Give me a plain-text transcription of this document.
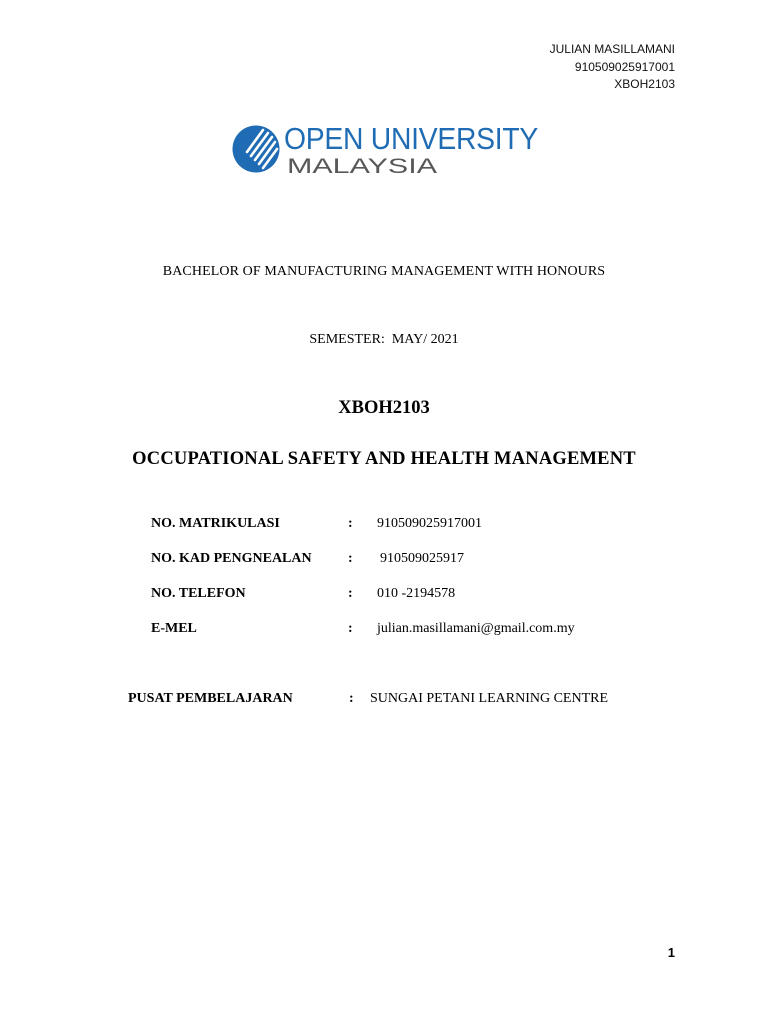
JULIAN MASILLAMANI
910509025917001
XBOH2103
OPEN UNIVERSITY
MALAYSIA
BACHELOR OF MANUFACTURING MANAGEMENT WITH HONOURS
SEMESTER: MAY/ 2021
XBOH2103
OCCUPATIONAL SAFETY AND HEALTH MANAGEMENT
NO. MATRIKULASI	: 910509025917001
NO. KAD PENGNEALAN	: 910509025917
NO. TELEFON	: 010 -2194578
E-MEL	: julian.masillamani@gmail.com.my
PUSAT PEMBELAJARAN	: SUNGAI PETANI LEARNING CENTRE
1
